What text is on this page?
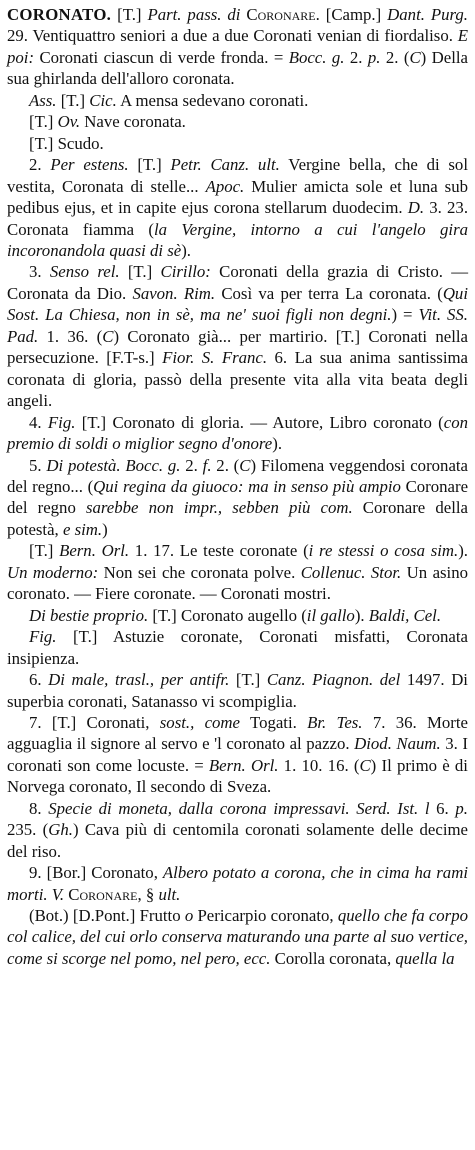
CORONATO. [T.] Part. pass. di Coronare. [Camp.] Dant. Purg. 29. Ventiquattro seniori a due a due Coronati venian di fiordaliso. E poi: Coronati ciascun di verde fronda. = Bocc. g. 2. p. 2. (C) Della sua ghirlanda dell'alloro coronata.

Ass. [T.] Cic. A mensa sedevano coronati.

[T.] Ov. Nave coronata.

[T.] Scudo.

2. Per estens. [T.] Petr. Canz. ult. Vergine bella, che di sol vestita, Coronata di stelle... Apoc. Mulier amicta sole et luna sub pedibus ejus, et in capite ejus corona stellarum duodecim. D. 3. 23. Coronata fiamma (la Vergine, intorno a cui l'angelo gira incoronandola quasi di sè).

3. Senso rel. [T.] Cirillo: Coronati della grazia di Cristo. — Coronata da Dio. Savon. Rim. Così va per terra La coronata. (Qui Sost. La Chiesa, non in sè, ma ne' suoi figli non degni.) = Vit. SS. Pad. 1. 36. (C) Coronato già... per martirio. [T.] Coronati nella persecuzione. [F.T-s.] Fior. S. Franc. 6. La sua anima santissima coronata di gloria, passò della presente vita alla vita beata degli angeli.

4. Fig. [T.] Coronato di gloria. — Autore, Libro coronato (con premio di soldi o miglior segno d'onore).

5. Di potestà. Bocc. g. 2. f. 2. (C) Filomena veggendosi coronata del regno... (Qui regina da giuoco: ma in senso più ampio Coronare del regno sarebbe non impr., sebben più com. Coronare della potestà, e sim.)

[T.] Bern. Orl. 1. 17. Le teste coronate (i re stessi o cosa sim.). Un moderno: Non sei che coronata polve. Collenuc. Stor. Un asino coronato. — Fiere coronate. — Coronati mostri.

Di bestie proprio. [T.] Coronato augello (il gallo). Baldi, Cel.

Fig. [T.] Astuzie coronate, Coronati misfatti, Coronata insipienza.

6. Di male, trasl., per antifr. [T.] Canz. Piagnon. del 1497. Di superbia coronati, Satanasso vi scompiglia.

7. [T.] Coronati, sost., come Togati. Br. Tes. 7. 36. Morte agguaglia il signore al servo e 'l coronato al pazzo. Diod. Naum. 3. I coronati son come locuste. = Bern. Orl. 1. 10. 16. (C) Il primo è di Norvega coronato, Il secondo di Sveza.

8. Specie di moneta, dalla corona impressavi. Serd. Ist. l 6. p. 235. (Gh.) Cava più di centomila coronati solamente delle decime del riso.

9. [Bor.] Coronato, Albero potato a corona, che in cima ha rami morti. V. Coronare, § ult.

(Bot.) [D.Pont.] Frutto o Pericarpio coronato, quello che fa corpo col calice, del cui orlo conserva maturando una parte al suo vertice, come si scorge nel pomo, nel pero, ecc. Corolla coronata, quella la
